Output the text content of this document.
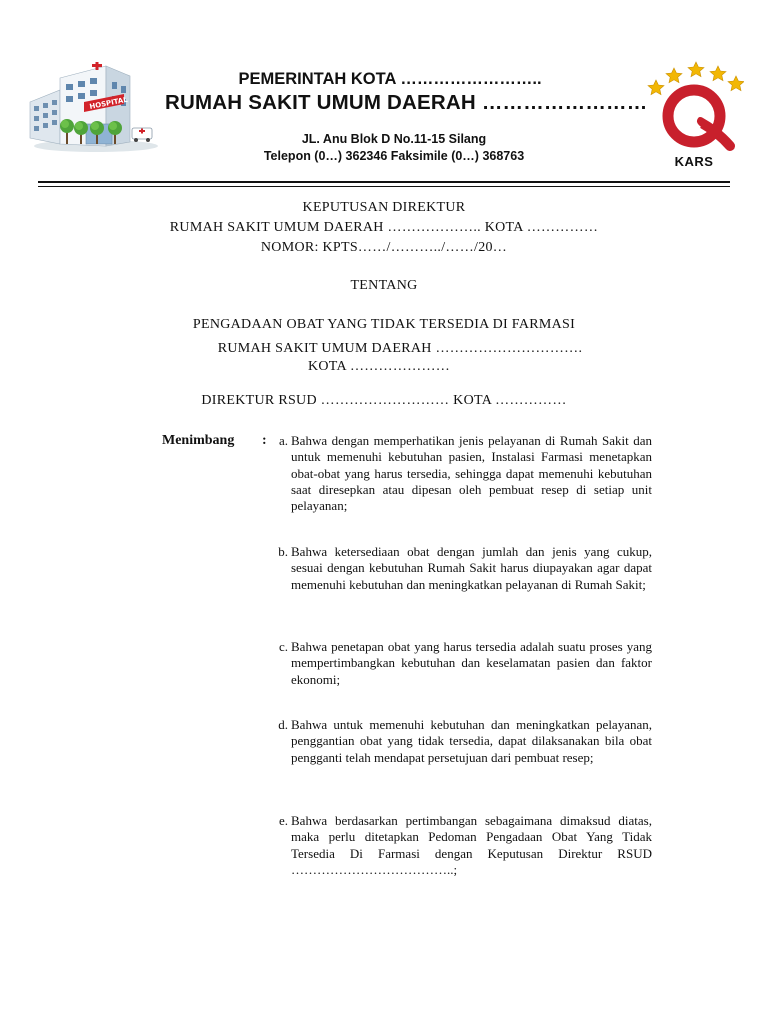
HOSPITAL
PEMERINTAH KOTA ……………………..
RUMAH SAKIT UMUM DAERAH ……………………
JL. Anu Blok D No.11-15 Silang
Telepon (0…) 362346 Faksimile (0…) 368763	KARS
KEPUTUSAN DIREKTUR
RUMAH SAKIT UMUM DAERAH ……………….. KOTA ……………
NOMOR: KPTS……/………../……/20…
TENTANG
PENGADAAN OBAT YANG TIDAK TERSEDIA DI FARMASI
RUMAH SAKIT UMUM DAERAH ………………………….
KOTA …………………
DIREKTUR RSUD ……………………… KOTA ……………
Menimbang : a. Bahwa dengan memperhatikan jenis pelayanan di Rumah Sakit dan untuk memenuhi kebutuhan pasien, Instalasi Farmasi menetapkan obat-obat yang harus tersedia, sehingga dapat memenuhi kebutuhan saat diresepkan atau dipesan oleh pembuat resep di setiap unit pelayanan;
b. Bahwa ketersediaan obat dengan jumlah dan jenis yang cukup, sesuai dengan kebutuhan Rumah Sakit harus diupayakan agar dapat memenuhi kebutuhan dan meningkatkan pelayanan di Rumah Sakit;
c. Bahwa penetapan obat yang harus tersedia adalah suatu proses yang mempertimbangkan kebutuhan dan keselamatan pasien dan faktor ekonomi;
d. Bahwa untuk memenuhi kebutuhan dan meningkatkan pelayanan, penggantian obat yang tidak tersedia, dapat dilaksanakan bila obat pengganti telah mendapat persetujuan dari pembuat resep;
e. Bahwa berdasarkan pertimbangan sebagaimana dimaksud diatas, maka perlu ditetapkan Pedoman Pengadaan Obat Yang Tidak Tersedia Di Farmasi dengan Keputusan Direktur RSUD ………………………………..;
